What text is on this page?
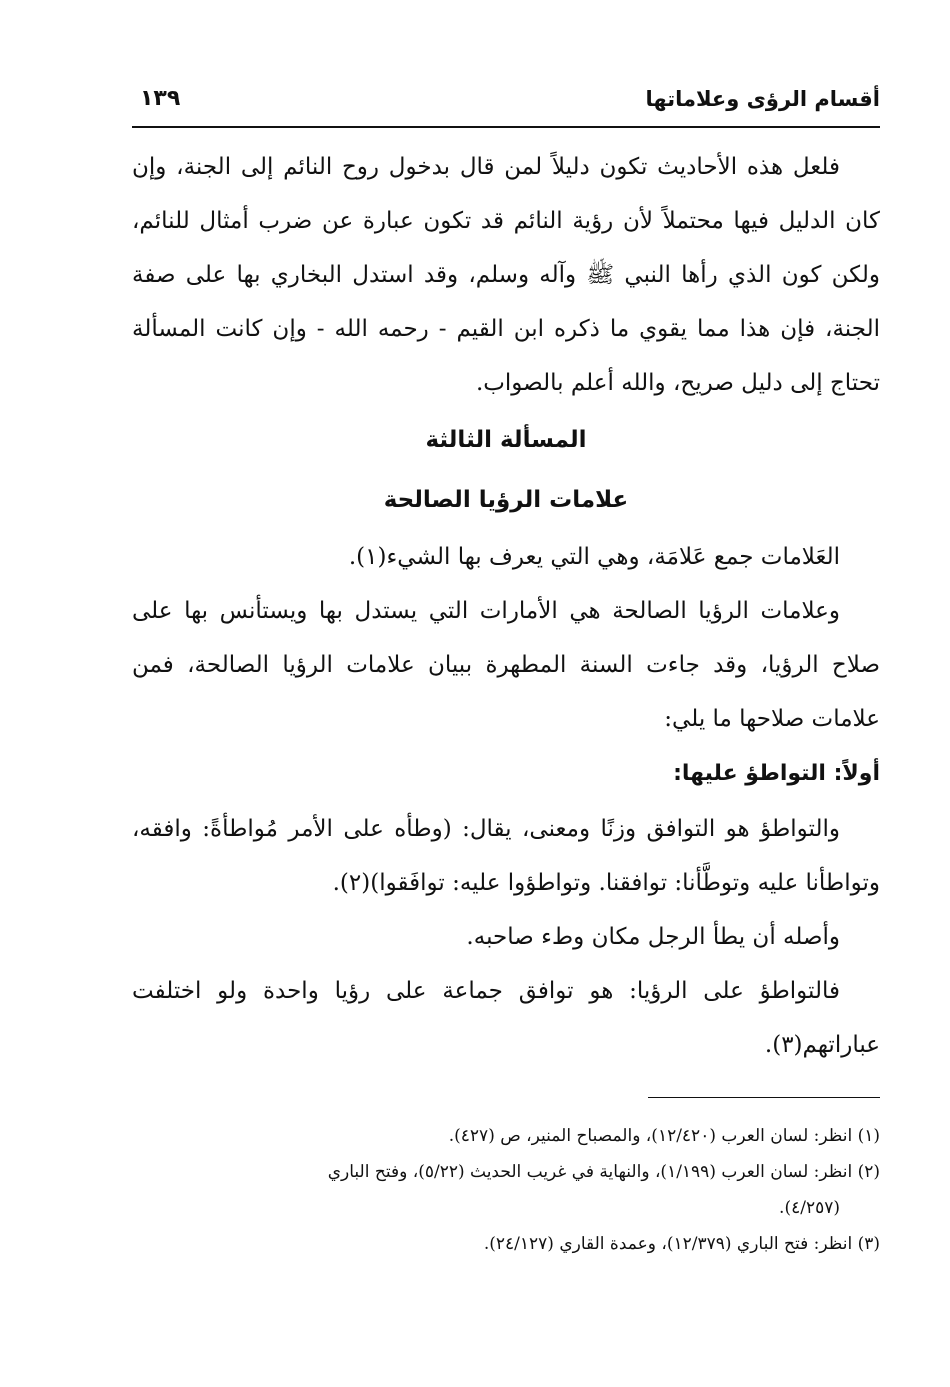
أقسام الرؤى وعلاماتها
١٣٩

فلعل هذه الأحاديث تكون دليلاً لمن قال بدخول روح النائم إلى الجنة، وإن كان الدليل فيها محتملاً لأن رؤية النائم قد تكون عبارة عن ضرب أمثال للنائم، ولكن كون الذي رأها النبي ﷺ وآله وسلم، وقد استدل البخاري بها على صفة الجنة، فإن هذا مما يقوي ما ذكره ابن القيم - رحمه الله - وإن كانت المسألة تحتاج إلى دليل صريح، والله أعلم بالصواب.

المسألة الثالثة

علامات الرؤيا الصالحة

العَلامات جمع عَلامَة، وهي التي يعرف بها الشيء(١).

وعلامات الرؤيا الصالحة هي الأمارات التي يستدل بها ويستأنس بها على صلاح الرؤيا، وقد جاءت السنة المطهرة ببيان علامات الرؤيا الصالحة، فمن علامات صلاحها ما يلي:

أولاً: التواطؤ عليها:

والتواطؤ هو التوافق وزنًا ومعنى، يقال: (وطأه على الأمر مُواطأةً: وافقه، وتواطأنا عليه وتوطَّأنا: توافقنا. وتواطؤوا عليه: توافَقوا)(٢).

وأصله أن يطأ الرجل مكان وطء صاحبه.

فالتواطؤ على الرؤيا: هو توافق جماعة على رؤيا واحدة ولو اختلفت عباراتهم(٣).

(١) انظر: لسان العرب (١٢/٤٢٠)، والمصباح المنير، ص (٤٢٧).

(٢) انظر: لسان العرب (١/١٩٩)، والنهاية في غريب الحديث (٥/٢٢)، وفتح الباري

(٤/٢٥٧).

(٣) انظر: فتح الباري (١٢/٣٧٩)، وعمدة القاري (٢٤/١٢٧).
